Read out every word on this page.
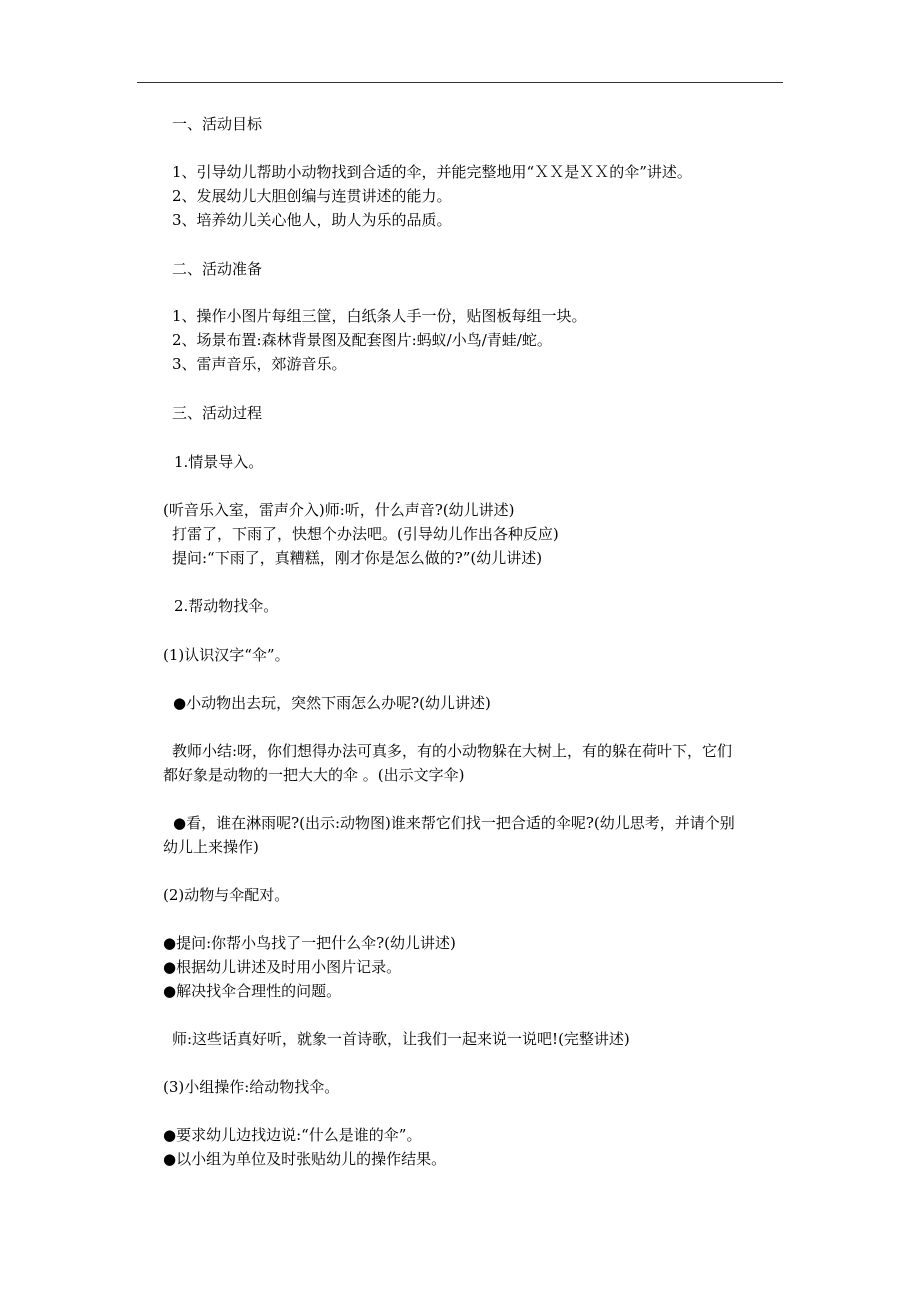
一、活动目标
1、引导幼儿帮助小动物找到合适的伞，并能完整地用“ＸＸ是ＸＸ的伞”讲述。
2、发展幼儿大胆创编与连贯讲述的能力。
3、培养幼儿关心他人，助人为乐的品质。
二、活动准备
1、操作小图片每组三筐，白纸条人手一份，贴图板每组一块。
2、场景布置:森林背景图及配套图片:蚂蚁/小鸟/青蛙/蛇。
3、雷声音乐，郊游音乐。
三、活动过程
1.情景导入。
(听音乐入室，雷声介入)师:听，什么声音?(幼儿讲述)
打雷了，下雨了，快想个办法吧。(引导幼儿作出各种反应)
提问:“下雨了，真糟糕，刚才你是怎么做的?”(幼儿讲述)
2.帮动物找伞。
(1)认识汉字“伞”。
●小动物出去玩，突然下雨怎么办呢?(幼儿讲述)
教师小结:呀，你们想得办法可真多，有的小动物躲在大树上，有的躲在荷叶下，它们
都好象是动物的一把大大的伞 。(出示文字伞)
●看，谁在淋雨呢?(出示:动物图)谁来帮它们找一把合适的伞呢?(幼儿思考，并请个别
幼儿上来操作)
(2)动物与伞配对。
●提问:你帮小鸟找了一把什么伞?(幼儿讲述)
●根据幼儿讲述及时用小图片记录。
●解决找伞合理性的问题。
师:这些话真好听，就象一首诗歌，让我们一起来说一说吧!(完整讲述)
(3)小组操作:给动物找伞。
●要求幼儿边找边说:“什么是谁的伞”。
●以小组为单位及时张贴幼儿的操作结果。
